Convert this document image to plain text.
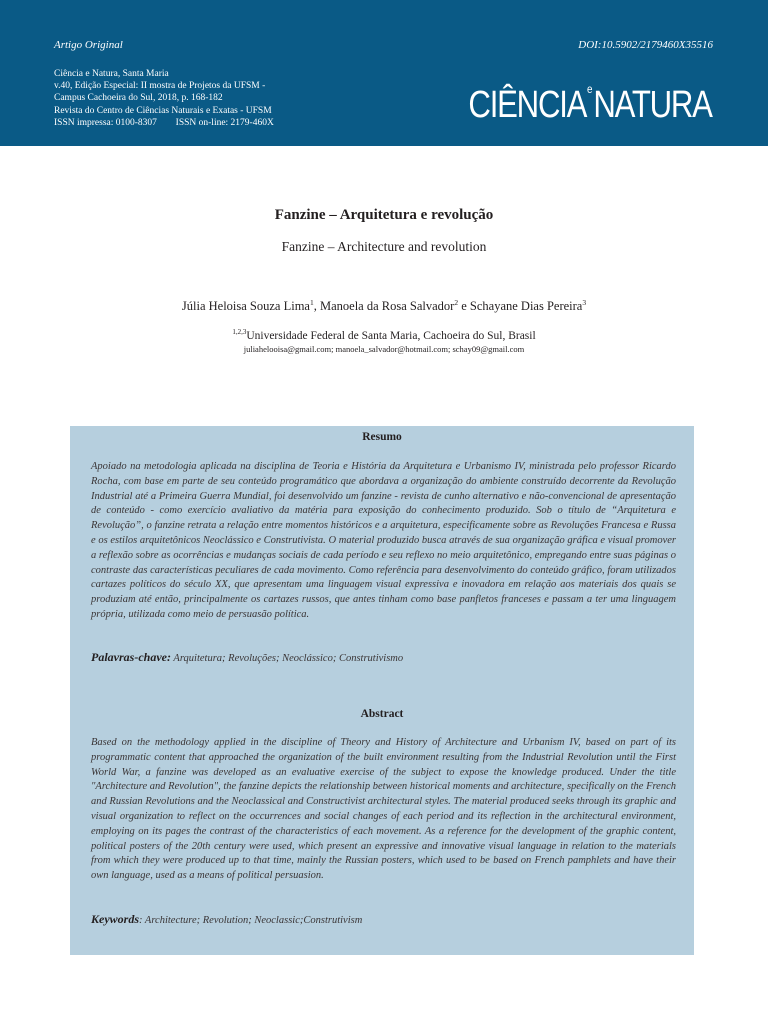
Artigo Original	DOI:10.5902/2179460X35516
Ciência e Natura, Santa Maria
v.40, Edição Especial: II mostra de Projetos da UFSM -
Campus Cachoeira do Sul, 2018, p. 168-182
Revista do Centro de Ciências Naturais e Exatas - UFSM
ISSN impressa: 0100-8307 ISSN on-line: 2179-460X	CIÊNCIA$^e$NATURA
Fanzine – Arquitetura e revolução
Fanzine – Architecture and revolution
Júlia Heloisa Souza Lima$^1$, Manoela da Rosa Salvador$^2$ e Schayane Dias Pereira$^3$
$^{1,2,3}$Universidade Federal de Santa Maria, Cachoeira do Sul, Brasil
juliahelooisa@gmail.com; manoela_salvador@hotmail.com; schay09@gmail.com
Resumo
Apoiado na metodologia aplicada na disciplina de Teoria e História da Arquitetura e Urbanismo IV, ministrada pelo professor Ricardo Rocha, com base em parte de seu conteúdo programático que abordava a organização do ambiente construído decorrente da Revolução Industrial até a Primeira Guerra Mundial, foi desenvolvido um fanzine - revista de cunho alternativo e não-convencional de apresentação de conteúdo - como exercício avaliativo da matéria para exposição do conhecimento produzido. Sob o título de “Arquitetura e Revolução”, o fanzine retrata a relação entre momentos históricos e a arquitetura, especificamente sobre as Revoluções Francesa e Russa e os estilos arquitetônicos Neoclássico e Construtivista. O material produzido busca através de sua organização gráfica e visual promover a reflexão sobre as ocorrências e mudanças sociais de cada período e seu reflexo no meio arquitetônico, empregando entre suas páginas o contraste das características peculiares de cada movimento. Como referência para desenvolvimento do conteúdo gráfico, foram utilizados cartazes políticos do século XX, que apresentam uma linguagem visual expressiva e inovadora em relação aos materiais dos quais se produziam até então, principalmente os cartazes russos, que antes tinham como base panfletos franceses e passam a ter uma linguagem própria, utilizada como meio de persuasão política.
Palavras-chave: Arquitetura; Revoluções; Neoclássico; Construtivismo
Abstract
Based on the methodology applied in the discipline of Theory and History of Architecture and Urbanism IV, based on part of its programmatic content that approached the organization of the built environment resulting from the Industrial Revolution until the First World War, a fanzine was developed as an evaluative exercise of the subject to expose the knowledge produced. Under the title "Architecture and Revolution", the fanzine depicts the relationship between historical moments and architecture, specifically on the French and Russian Revolutions and the Neoclassical and Constructivist architectural styles. The material produced seeks through its graphic and visual organization to reflect on the occurrences and social changes of each period and its reflection in the architectural environment, employing on its pages the contrast of the characteristics of each movement. As a reference for the development of the graphic content, political posters of the 20th century were used, which present an expressive and innovative visual language in relation to the materials from which they were produced up to that time, mainly the Russian posters, which used to be based on French pamphlets and have their own language, used as a means of political persuasion.
Keywords: Architecture; Revolution; Neoclassic;Construtivism
